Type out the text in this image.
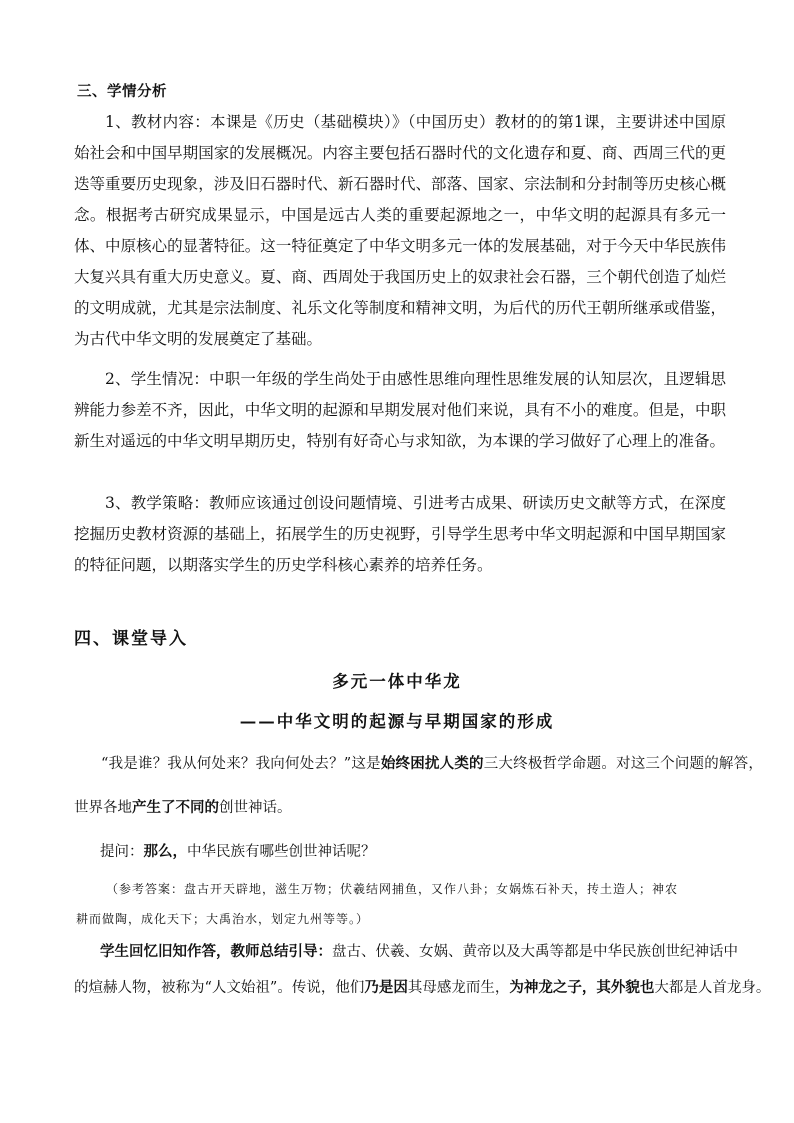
三、学情分析

1、教材内容：本课是《历史（基础模块）》（中国历史）教材的的第1课，主要讲述中国原始社会和中国早期国家的发展概况。内容主要包括石器时代的文化遗存和夏、商、西周三代的更迭等重要历史现象，涉及旧石器时代、新石器时代、部落、国家、宗法制和分封制等历史核心概念。根据考古研究成果显示，中国是远古人类的重要起源地之一，中华文明的起源具有多元一体、中原核心的显著特征。这一特征奠定了中华文明多元一体的发展基础，对于今天中华民族伟大复兴具有重大历史意义。夏、商、西周处于我国历史上的奴隶社会石器，三个朝代创造了灿烂的文明成就，尤其是宗法制度、礼乐文化等制度和精神文明，为后代的历代王朝所继承或借鉴，为古代中华文明的发展奠定了基础。

2、学生情况：中职一年级的学生尚处于由感性思维向理性思维发展的认知层次，且逻辑思辨能力参差不齐，因此，中华文明的起源和早期发展对他们来说，具有不小的难度。但是，中职新生对遥远的中华文明早期历史，特别有好奇心与求知欲，为本课的学习做好了心理上的准备。

3、教学策略：教师应该通过创设问题情境、引进考古成果、研读历史文献等方式，在深度挖掘历史教材资源的基础上，拓展学生的历史视野，引导学生思考中华文明起源和中国早期国家的特征问题，以期落实学生的历史学科核心素养的培养任务。

四、课堂导入
多元一体中华龙
——中华文明的起源与早期国家的形成
“我是谁？我从何处来？我向何处去？”这是始终困扰人类的三大终极哲学命题。对这三个问题的解答，
世界各地产生了不同的创世神话。
提问：那么，中华民族有哪些创世神话呢？
（参考答案：盘古开天辟地，滋生万物；伏羲结网捕鱼，又作八卦；女娲炼石补天，抟土造人；神农
耕而做陶，成化天下；大禹治水，划定九州等等。）
学生回忆旧知作答，教师总结引导：盘古、伏羲、女娲、黄帝以及大禹等都是中华民族创世纪神话中
的煊赫人物，被称为“人文始祖”。传说，他们乃是因其母感龙而生，为神龙之子，其外貌也大都是人首龙身。
